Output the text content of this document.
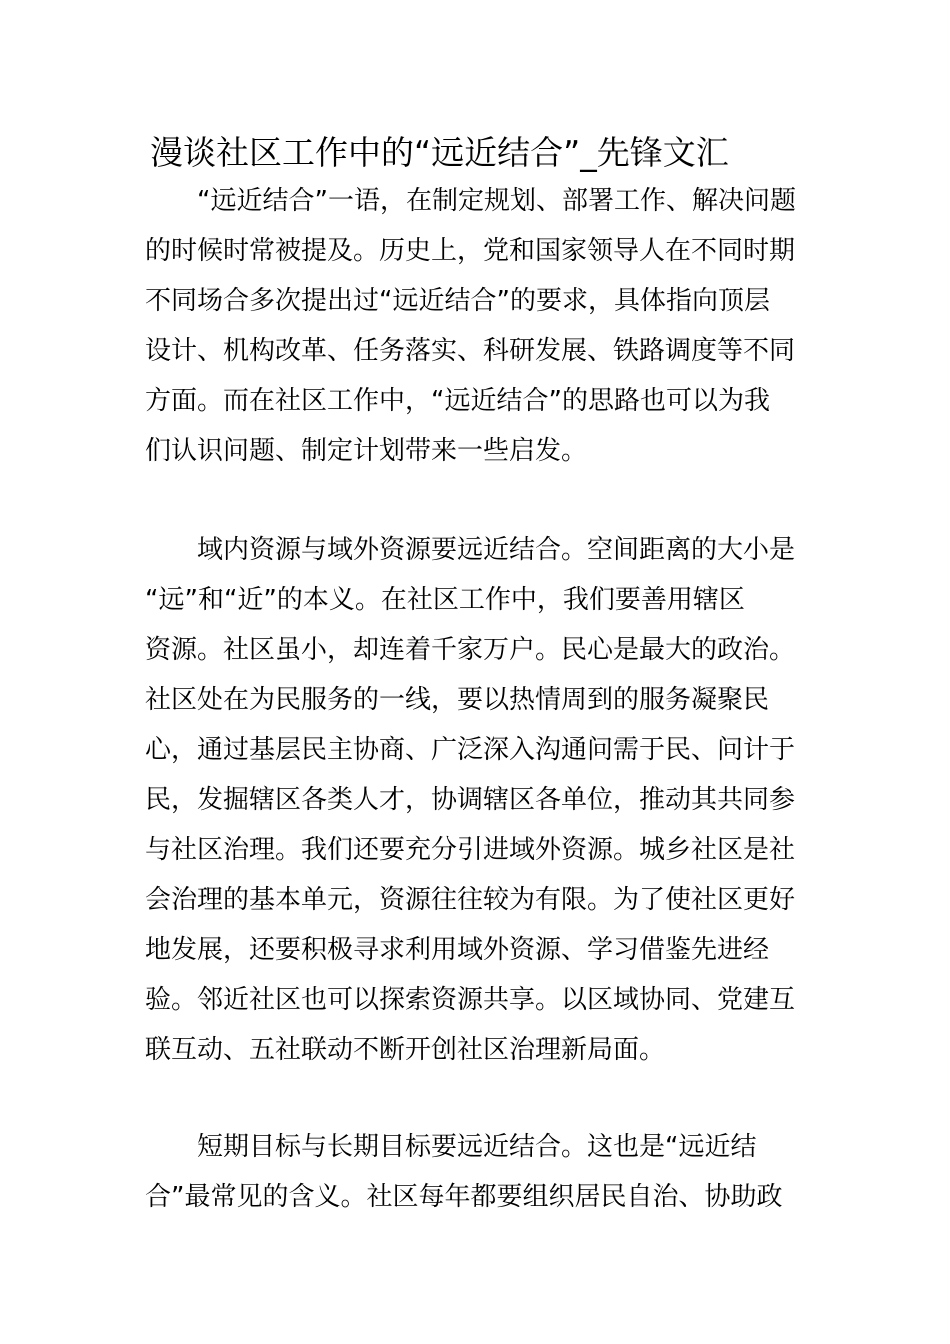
漫谈社区工作中的“远近结合”_先锋文汇
“远近结合”一语，在制定规划、部署工作、解决问题
的时候时常被提及。历史上，党和国家领导人在不同时期
不同场合多次提出过“远近结合”的要求，具体指向顶层
设计、机构改革、任务落实、科研发展、铁路调度等不同
方面。而在社区工作中，“远近结合”的思路也可以为我
们认识问题、制定计划带来一些启发。
域内资源与域外资源要远近结合。空间距离的大小是
“远”和“近”的本义。在社区工作中，我们要善用辖区
资源。社区虽小，却连着千家万户。民心是最大的政治。
社区处在为民服务的一线，要以热情周到的服务凝聚民
心，通过基层民主协商、广泛深入沟通问需于民、问计于
民，发掘辖区各类人才，协调辖区各单位，推动其共同参
与社区治理。我们还要充分引进域外资源。城乡社区是社
会治理的基本单元，资源往往较为有限。为了使社区更好
地发展，还要积极寻求利用域外资源、学习借鉴先进经
验。邻近社区也可以探索资源共享。以区域协同、党建互
联互动、五社联动不断开创社区治理新局面。
短期目标与长期目标要远近结合。这也是“远近结
合”最常见的含义。社区每年都要组织居民自治、协助政
